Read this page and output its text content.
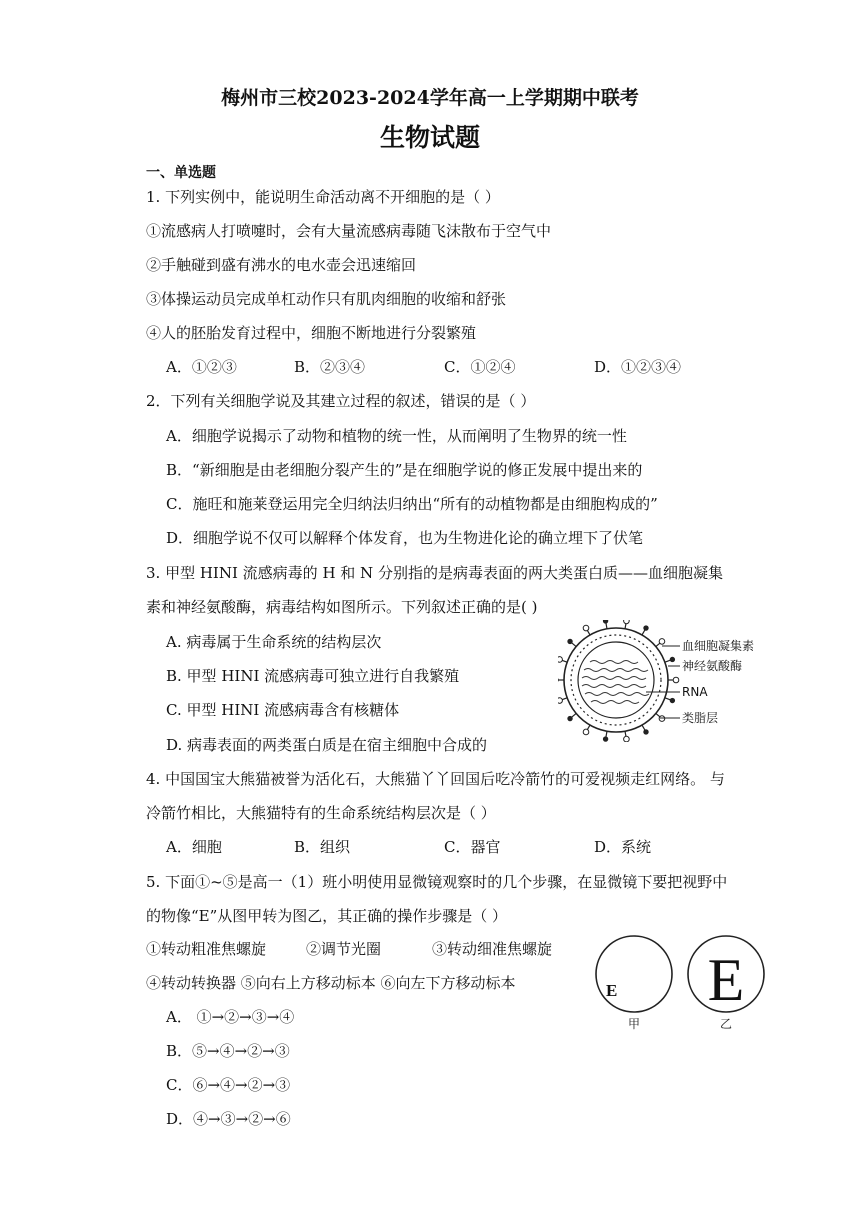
梅州市三校2023-2024学年高一上学期期中联考
生物试题
一、单选题
1. 下列实例中，能说明生命活动离不开细胞的是（ ）
①流感病人打喷嚏时，会有大量流感病毒随飞沫散布于空气中
②手触碰到盛有沸水的电水壶会迅速缩回
③体操运动员完成单杠动作只有肌肉细胞的收缩和舒张
④人的胚胎发育过程中，细胞不断地进行分裂繁殖
A．①②③	B．②③④	C．①②④	D．①②③④
2．下列有关细胞学说及其建立过程的叙述，错误的是（ ）
A．细胞学说揭示了动物和植物的统一性，从而阐明了生物界的统一性
B．“新细胞是由老细胞分裂产生的”是在细胞学说的修正发展中提出来的
C．施旺和施莱登运用完全归纳法归纳出“所有的动植物都是由细胞构成的”
D．细胞学说不仅可以解释个体发育，也为生物进化论的确立埋下了伏笔
3. 甲型 HINI 流感病毒的 H 和 N 分别指的是病毒表面的两大类蛋白质——血细胞凝集
素和神经氨酸酶，病毒结构如图所示。下列叙述正确的是( )
A. 病毒属于生命系统的结构层次
B. 甲型 HINI 流感病毒可独立进行自我繁殖
C. 甲型 HINI 流感病毒含有核糖体
D. 病毒表面的两类蛋白质是在宿主细胞中合成的
血细胞凝集素
神经氨酸酶
RNA
类脂层
4. 中国国宝大熊猫被誉为活化石，大熊猫丫丫回国后吃冷箭竹的可爱视频走红网络。 与
冷箭竹相比，大熊猫特有的生命系统结构层次是（ ）
A．细胞	B．组织	C．器官	D．系统
5. 下面①~⑤是高一（1）班小明使用显微镜观察时的几个步骤，在显微镜下要把视野中
的物像“E”从图甲转为图乙，其正确的操作步骤是（ ）
①转动粗准焦螺旋	②调节光圈	③转动细准焦螺旋
④转动转换器 ⑤向右上方移动标本 ⑥向左下方移动标本
A． ①→②→③→④
B．⑤→④→②→③
C．⑥→④→②→③
D．④→③→②→⑥
E E
甲	乙
